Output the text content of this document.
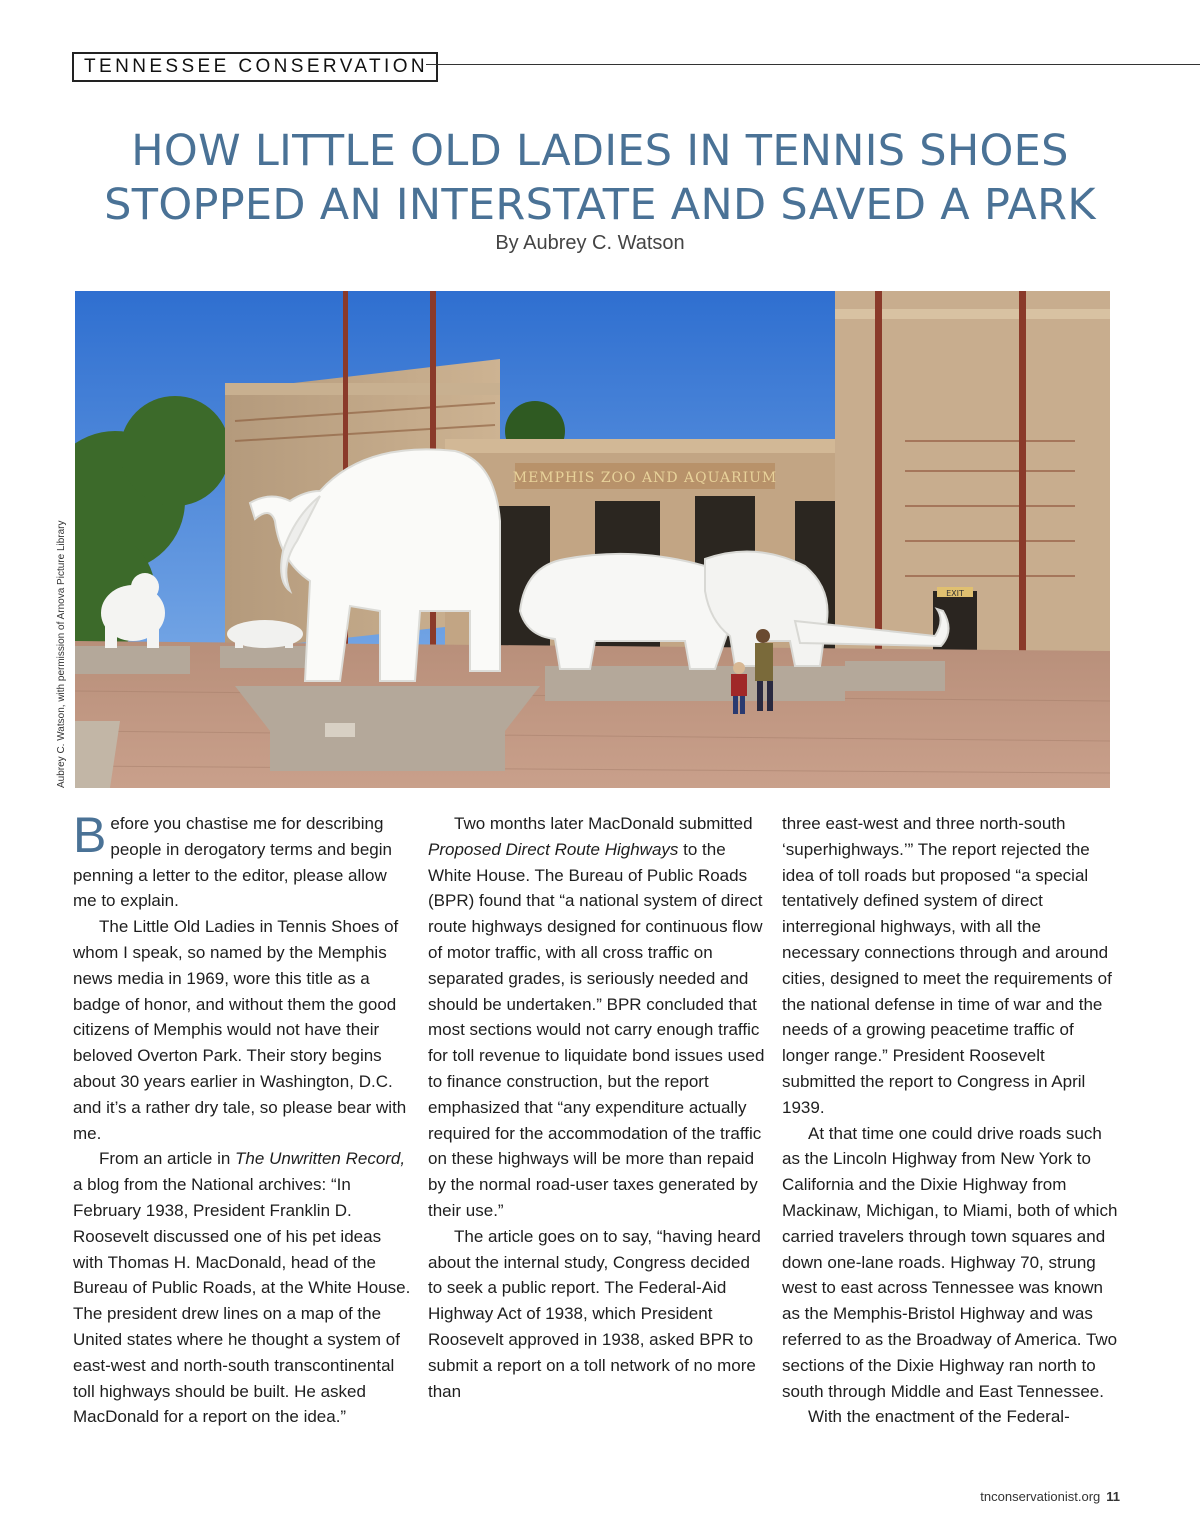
TENNESSEE CONSERVATION
HOW LITTLE OLD LADIES IN TENNIS SHOES
STOPPED AN INTERSTATE AND SAVED A PARK
By Aubrey C. Watson
MEMPHIS ZOO AND AQUARIUM
EXIT
Aubrey C. Watson, with permission of Arnova Picture Library

Before you chastise me for describing people in derogatory terms and begin penning a letter to the editor, please allow me to explain.

The Little Old Ladies in Tennis Shoes of whom I speak, so named by the Memphis news media in 1969, wore this title as a badge of honor, and without them the good citizens of Memphis would not have their beloved Overton Park. Their story begins about 30 years earlier in Washington, D.C. and it’s a rather dry tale, so please bear with me.

From an article in The Unwritten Record, a blog from the National archives: “In February 1938, President Franklin D. Roosevelt discussed one of his pet ideas with Thomas H. MacDonald, head of the Bureau of Public Roads, at the White House. The president drew lines on a map of the United states where he thought a system of east-west and north-south transcontinental toll highways should be built. He asked MacDonald for a report on the idea.”

Two months later MacDonald submitted Proposed Direct Route Highways to the White House. The Bureau of Public Roads (BPR) found that “a national system of direct route highways designed for continuous flow of motor traffic, with all cross traffic on separated grades, is seriously needed and should be undertaken.” BPR concluded that most sections would not carry enough traffic for toll revenue to liquidate bond issues used to finance construction, but the report emphasized that “any expenditure actually required for the accommodation of the traffic on these highways will be more than repaid by the normal road-user taxes generated by their use.”

The article goes on to say, “having heard about the internal study, Congress decided to seek a public report. The Federal-Aid Highway Act of 1938, which President Roosevelt approved in 1938, asked BPR to submit a report on a toll network of no more than

three east-west and three north-south ‘superhighways.’” The report rejected the idea of toll roads but proposed “a special tentatively defined system of direct interregional highways, with all the necessary connections through and around cities, designed to meet the requirements of the national defense in time of war and the needs of a growing peacetime traffic of longer range.” President Roosevelt submitted the report to Congress in April 1939.

At that time one could drive roads such as the Lincoln Highway from New York to California and the Dixie Highway from Mackinaw, Michigan, to Miami, both of which carried travelers through town squares and down one-lane roads. Highway 70, strung west to east across Tennessee was known as the Memphis-Bristol Highway and was referred to as the Broadway of America. Two sections of the Dixie Highway ran north to south through Middle and East Tennessee.

With the enactment of the Federal-

tnconservationist.org 11
